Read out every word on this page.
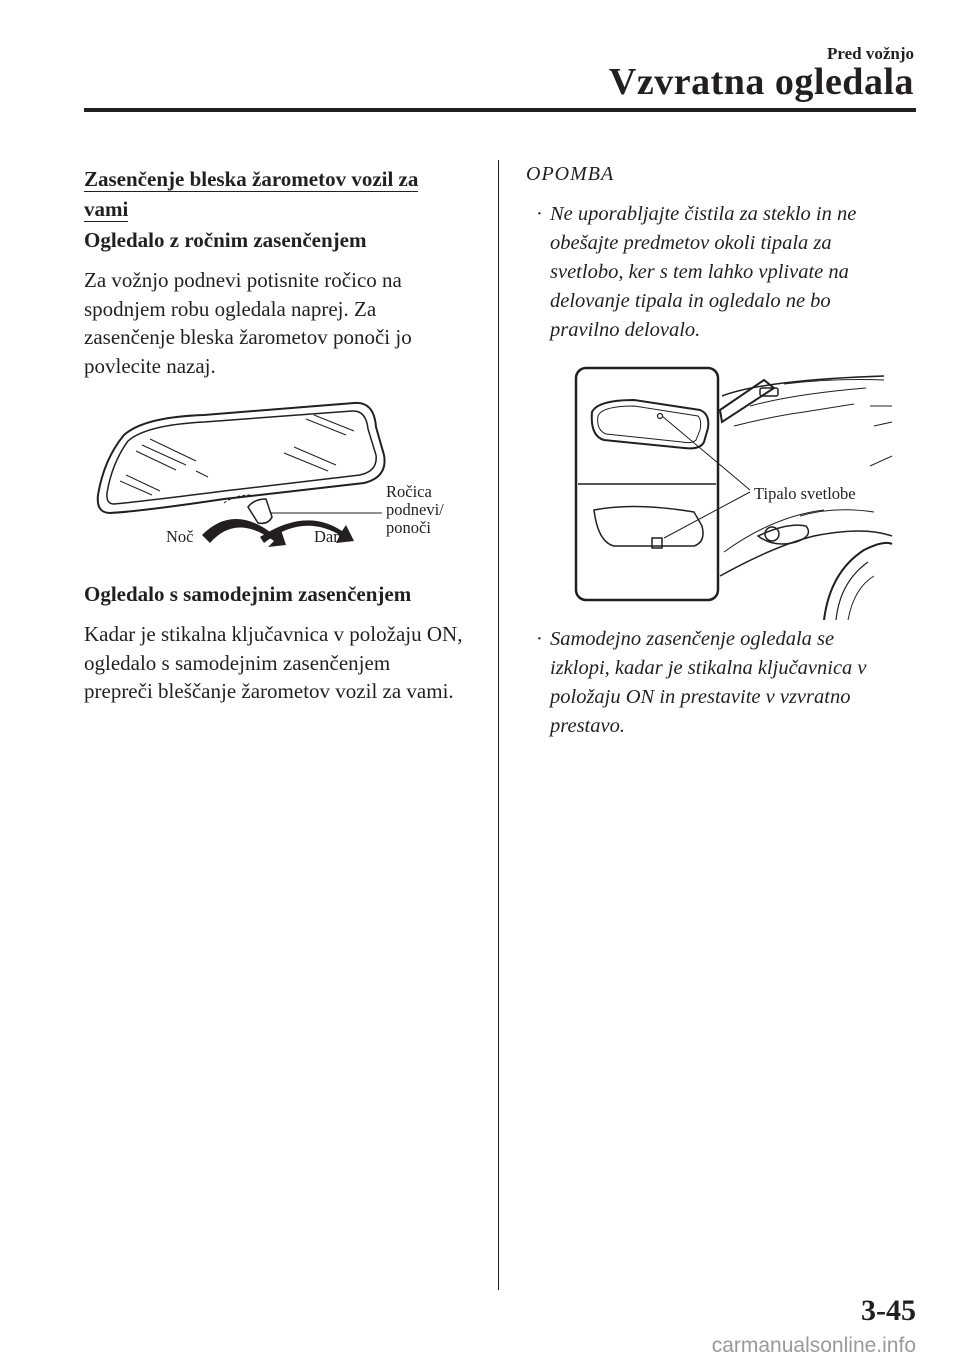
Pred vožnjo
Vzvratna ogledala
Zasenčenje bleska žarometov vozil za vami
Ogledalo z ročnim zasenčenjem
Za vožnjo podnevi potisnite ročico na spodnjem robu ogledala naprej. Za zasenčenje bleska žarometov ponoči jo povlecite nazaj.
Noč	Dan
Ročica
podnevi/
ponoči
Ogledalo s samodejnim zasenčenjem
Kadar je stikalna ključavnica v položaju ON, ogledalo s samodejnim zasenčenjem prepreči bleščanje žarometov vozil za vami.
OPOMBA
· Ne uporabljajte čistila za steklo in ne obešajte predmetov okoli tipala za svetlobo, ker s tem lahko vplivate na delovanje tipala in ogledalo ne bo pravilno delovalo.
Tipalo svetlobe
· Samodejno zasenčenje ogledala se izklopi, kadar je stikalna ključavnica v položaju ON in prestavite v vzvratno prestavo.
3-45
carmanualsonline.info
